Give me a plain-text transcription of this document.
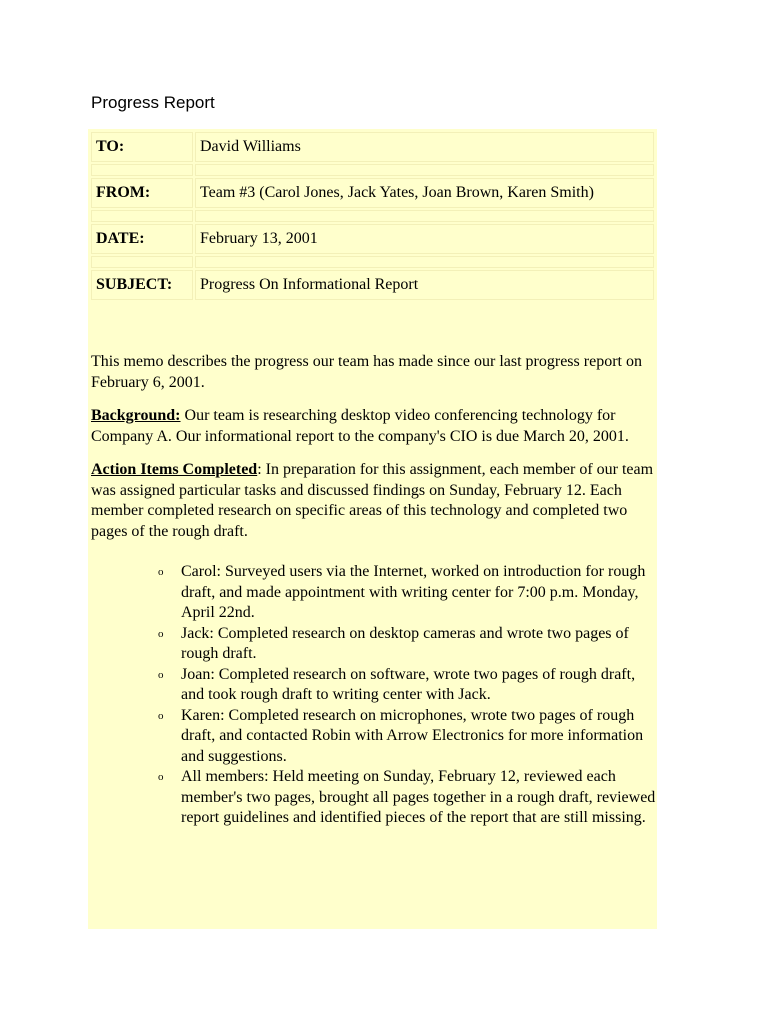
Progress Report
TO:	David Williams

FROM:	Team #3 (Carol Jones, Jack Yates, Joan Brown, Karen Smith)

DATE:	February 13, 2001

SUBJECT:	Progress On Informational Report

This memo describes the progress our team has made since our last progress report on February 6, 2001.

Background: Our team is researching desktop video conferencing technology for Company A. Our informational report to the company's CIO is due March 20, 2001.

Action Items Completed: In preparation for this assignment, each member of our team was assigned particular tasks and discussed findings on Sunday, February 12. Each member completed research on specific areas of this technology and completed two pages of the rough draft.

o Carol: Surveyed users via the Internet, worked on introduction for rough draft, and made appointment with writing center for 7:00 p.m. Monday, April 22nd.
o Jack: Completed research on desktop cameras and wrote two pages of rough draft.
o Joan: Completed research on software, wrote two pages of rough draft, and took rough draft to writing center with Jack.
o Karen: Completed research on microphones, wrote two pages of rough draft, and contacted Robin with Arrow Electronics for more information and suggestions.
o All members: Held meeting on Sunday, February 12, reviewed each member's two pages, brought all pages together in a rough draft, reviewed report guidelines and identified pieces of the report that are still missing.
